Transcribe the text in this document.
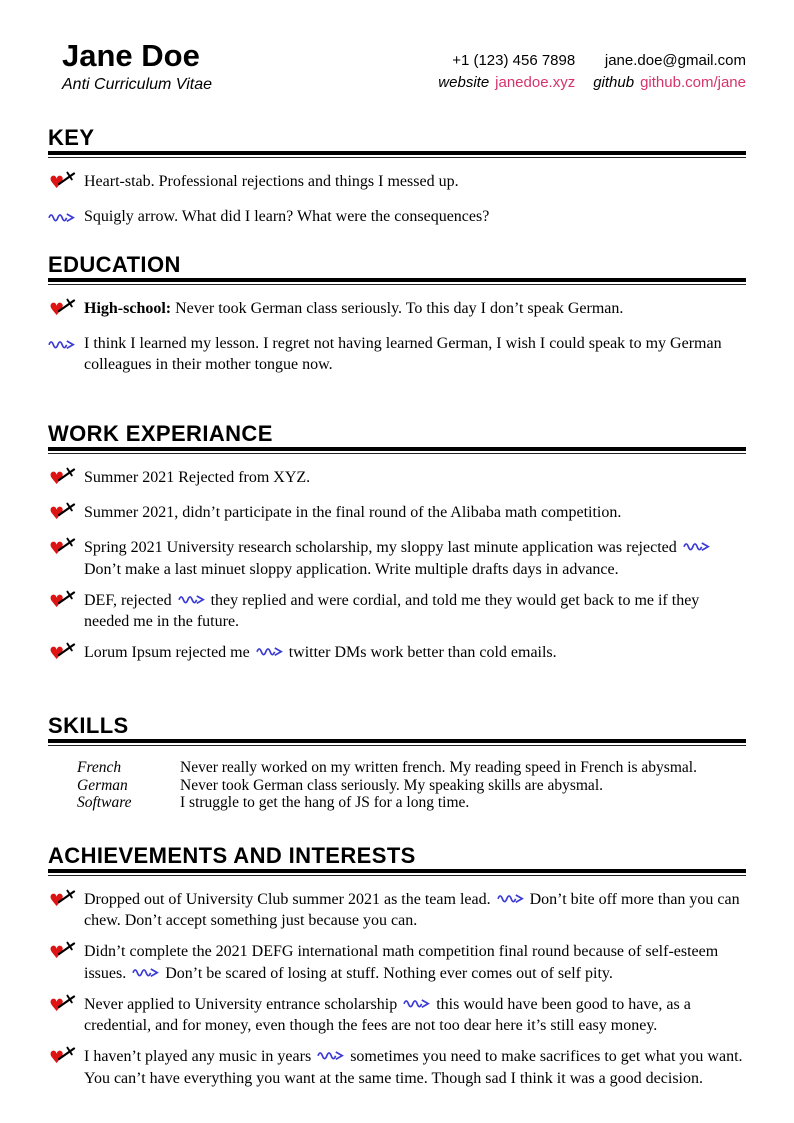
Jane Doe
Anti Curriculum Vitae
+1 (123) 456 7898 jane.doe@gmail.com
website janedoe.xyz github github.com/jane
KEY
♥ Heart-stab. Professional rejections and things I messed up.
Squigly arrow. What did I learn? What were the consequences?
EDUCATION
♥ High-school: Never took German class seriously. To this day I don’t speak German.
I think I learned my lesson. I regret not having learned German, I wish I could speak to my German colleagues in their mother tongue now.
WORK EXPERIANCE
♥ Summer 2021 Rejected from XYZ.
♥ Summer 2021, didn’t participate in the final round of the Alibaba math competition.
♥ Spring 2021 University research scholarship, my sloppy last minute application was rejected  Don’t make a last minuet sloppy application. Write multiple drafts days in advance.
♥ DEF, rejected  they replied and were cordial, and told me they would get back to me if they needed me in the future.
♥ Lorum Ipsum rejected me  twitter DMs work better than cold emails.
SKILLS
French	Never really worked on my written french. My reading speed in French is abysmal.
German	Never took German class seriously. My speaking skills are abysmal.
Software	I struggle to get the hang of JS for a long time.
ACHIEVEMENTS AND INTERESTS
♥ Dropped out of University Club summer 2021 as the team lead.  Don’t bite off more than you can chew. Don’t accept something just because you can.
♥ Didn’t complete the 2021 DEFG international math competition final round because of self-esteem issues.  Don’t be scared of losing at stuff. Nothing ever comes out of self pity.
♥ Never applied to University entrance scholarship  this would have been good to have, as a credential, and for money, even though the fees are not too dear here it’s still easy money.
♥ I haven’t played any music in years  sometimes you need to make sacrifices to get what you want. You can’t have everything you want at the same time. Though sad I think it was a good decision.
